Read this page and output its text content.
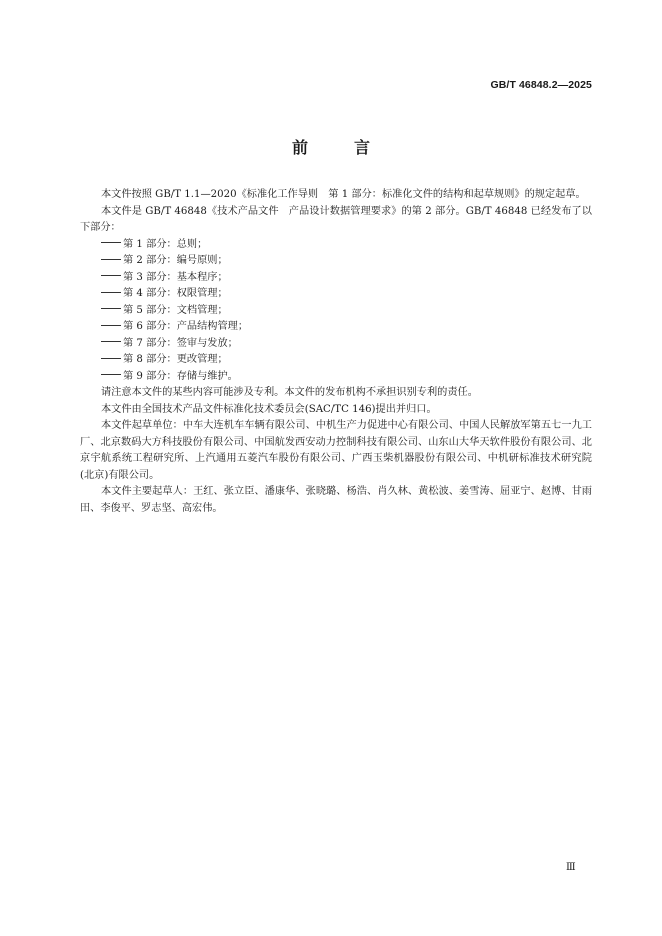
GB/T 46848.2—2025
前言

本文件按照 GB/T 1.1—2020《标准化工作导则　第 1 部分：标准化文件的结构和起草规则》的规定起草。

本文件是 GB/T 46848《技术产品文件　产品设计数据管理要求》的第 2 部分。GB/T 46848 已经发布了以下部分：

第 1 部分：总则；

第 2 部分：编号原则；

第 3 部分：基本程序；

第 4 部分：权限管理；

第 5 部分：文档管理；

第 6 部分：产品结构管理；

第 7 部分：签审与发放；

第 8 部分：更改管理；

第 9 部分：存储与维护。

请注意本文件的某些内容可能涉及专利。本文件的发布机构不承担识别专利的责任。

本文件由全国技术产品文件标准化技术委员会(SAC/TC 146)提出并归口。

本文件起草单位：中车大连机车车辆有限公司、中机生产力促进中心有限公司、中国人民解放军第五七一九工厂、北京数码大方科技股份有限公司、中国航发西安动力控制科技有限公司、山东山大华天软件股份有限公司、北京宇航系统工程研究所、上汽通用五菱汽车股份有限公司、广西玉柴机器股份有限公司、中机研标准技术研究院(北京)有限公司。

本文件主要起草人：王红、张立臣、潘康华、张晓璐、杨浩、肖久林、黄松波、姜雪涛、屈亚宁、赵博、甘雨田、李俊平、罗志坚、高宏伟。

Ⅲ
